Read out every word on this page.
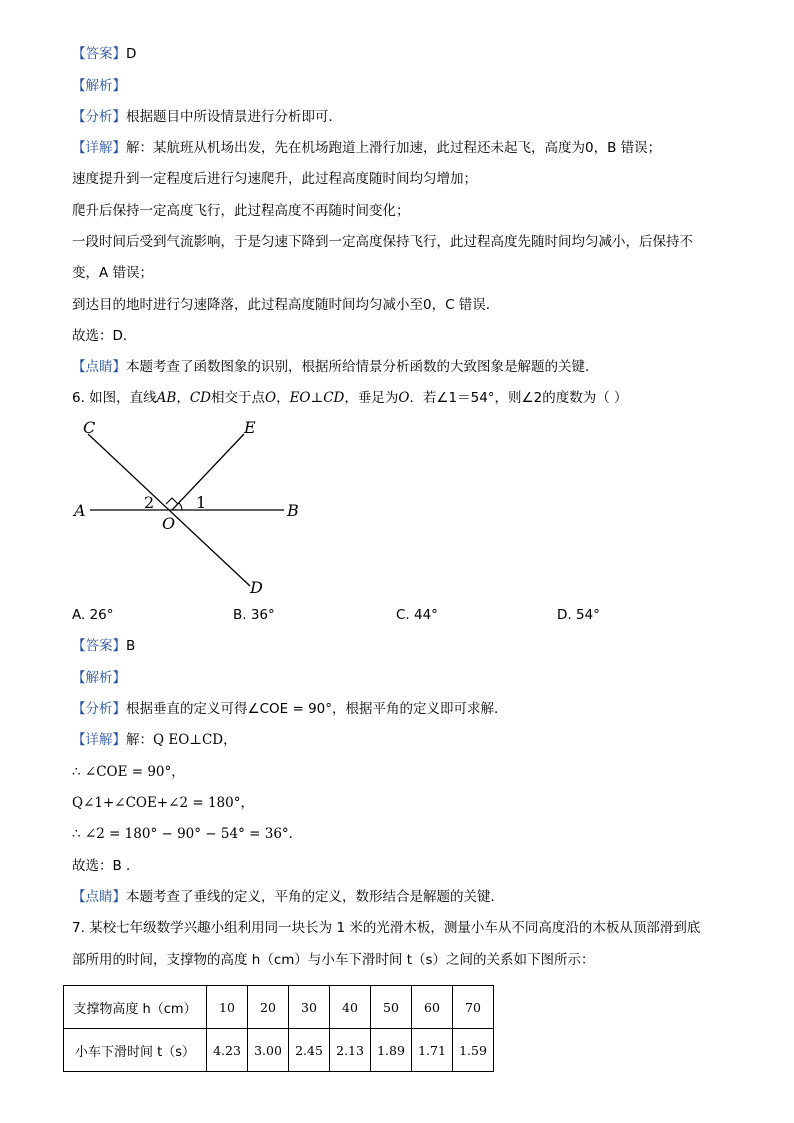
【答案】D
【解析】
【分析】根据题目中所设情景进行分析即可．
【详解】解：某航班从机场出发，先在机场跑道上滑行加速，此过程还未起飞，高度为0，B 错误；
速度提升到一定程度后进行匀速爬升，此过程高度随时间均匀增加；
爬升后保持一定高度飞行，此过程高度不再随时间变化；
一段时间后受到气流影响，于是匀速下降到一定高度保持飞行，此过程高度先随时间均匀减小，后保持不
变，A 错误；
到达目的地时进行匀速降落，此过程高度随时间均匀减小至0，C 错误．
故选：D．
【点睛】本题考查了函数图象的识别，根据所给情景分析函数的大致图象是解题的关键．
6. 如图，直线AB，CD相交于点O，EO⊥CD，垂足为O．若∠1＝54°，则∠2的度数为（ ）
C	E
A	B
O
D
1
2
A. 26°	B. 36°	C. 44°	D. 54°
【答案】B
【解析】
【分析】根据垂直的定义可得∠COE = 90°，根据平角的定义即可求解．
【详解】解：Q EO⊥CD，
∴ ∠COE = 90°，
Q∠1+∠COE+∠2 = 180°，
∴ ∠2 = 180° − 90° − 54° = 36°．
故选：B ．
【点睛】本题考查了垂线的定义，平角的定义，数形结合是解题的关键．
7. 某校七年级数学兴趣小组利用同一块长为 1 米的光滑木板，测量小车从不同高度沿的木板从顶部滑到底
部所用的时间，支撑物的高度 h（cm）与小车下滑时间 t（s）之间的关系如下图所示：
支撑物高度 h（cm）	10	20	30	40	50	60	70
小车下滑时间 t（s）	4.23	3.00	2.45	2.13	1.89	1.71	1.59
